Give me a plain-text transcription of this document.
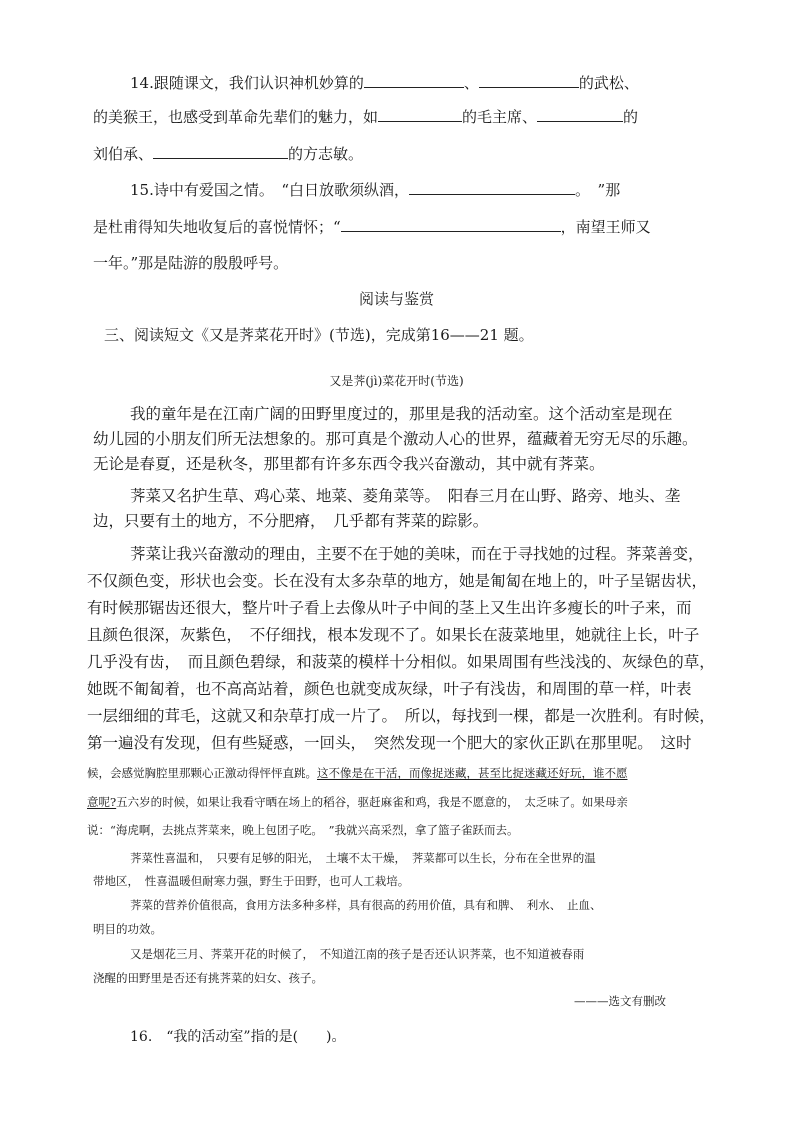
14.跟随课文，我们认识神机妙算的	、	的武松、
的美猴王，也感受到革命先辈们的魅力，如	的毛主席、	的
刘伯承、	的方志敏。
15.诗中有爱国之情。　“白日放歌须纵酒，	。　”那
是杜甫得知失地收复后的喜悦情怀；“	，南望王师又
一年。”那是陆游的殷殷呼号。
阅读与鉴赏
三、阅读短文《又是荠菜花开时》(节选)，完成第16——21 题。
又是荠(jì)菜花开时(节选)
我的童年是在江南广阔的田野里度过的，那里是我的活动室。这个活动室是现在
幼儿园的小朋友们所无法想象的。那可真是个激动人心的世界，蕴藏着无穷无尽的乐趣。
无论是春夏，还是秋冬，那里都有许多东西令我兴奋激动，其中就有荠菜。
荠菜又名护生草、鸡心菜、地菜、菱角菜等。　阳春三月在山野、路旁、地头、垄
边，只要有土的地方，不分肥瘠，　几乎都有荠菜的踪影。
荠菜让我兴奋激动的理由，主要不在于她的美味，而在于寻找她的过程。荠菜善变，
不仅颜色变，形状也会变。长在没有太多杂草的地方，她是匍匐在地上的，叶子呈锯齿状，
有时候那锯齿还很大，整片叶子看上去像从叶子中间的茎上又生出许多瘦长的叶子来，而
且颜色很深，灰紫色，　不仔细找，根本发现不了。如果长在菠菜地里，她就往上长，叶子
几乎没有齿，　而且颜色碧绿，和菠菜的模样十分相似。如果周围有些浅浅的、灰绿色的草，
她既不匍匐着，也不高高站着，颜色也就变成灰绿，叶子有浅齿，和周围的草一样，叶表
一层细细的茸毛，这就又和杂草打成一片了。　所以，每找到一棵，都是一次胜利。有时候，
第一遍没有发现，但有些疑惑，一回头，　突然发现一个肥大的家伙正趴在那里呢。　这时
候，会感觉胸腔里那颗心正激动得怦怦直跳。这不像是在干活，而像捉迷藏，甚至比捉迷藏还好玩，谁不愿
意呢?五六岁的时候，如果让我看守晒在场上的稻谷，驱赶麻雀和鸡，我是不愿意的，　太乏味了。如果母亲
说：“海虎啊，去挑点荠菜来，晚上包团子吃。　”我就兴高采烈，拿了篮子雀跃而去。
荠菜性喜温和，　只要有足够的阳光，　土壤不太干燥，　荠菜都可以生长，分布在全世界的温
带地区，　性喜温暖但耐寒力强，野生于田野，也可人工栽培。
荠菜的营养价值很高，食用方法多种多样，具有很高的药用价值，具有和脾、　利水、　止血、
明目的功效。
又是烟花三月、荠菜开花的时候了，　不知道江南的孩子是否还认识荠菜，也不知道被春雨
浇醒的田野里是否还有挑荠菜的妇女、孩子。
———选文有删改
16.　“我的活动室”指的是(　　)。
